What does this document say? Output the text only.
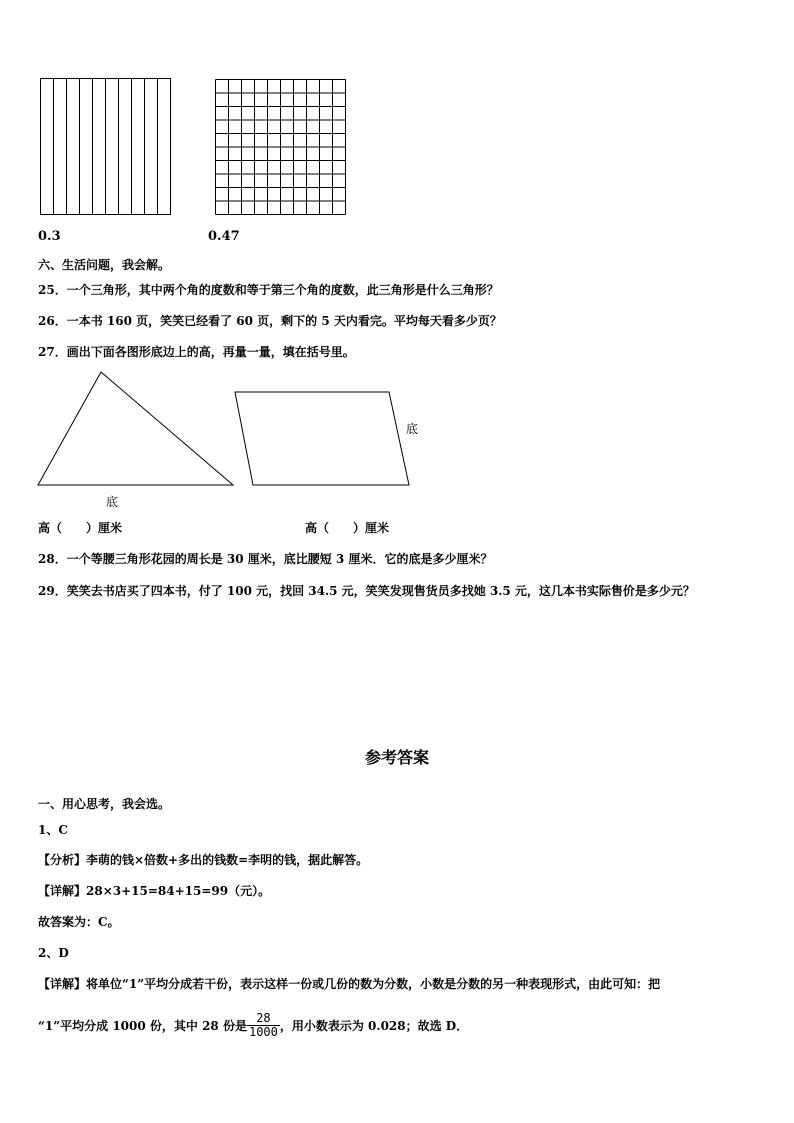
0.3	0.47
六、生活问题，我会解。
25．一个三角形，其中两个角的度数和等于第三个角的度数，此三角形是什么三角形？
26．一本书 160 页，笑笑已经看了 60 页，剩下的 5 天内看完。平均每天看多少页？
27．画出下面各图形底边上的高，再量一量，填在括号里。
底
底
高（　　）厘米	高（　　）厘米
28．一个等腰三角形花园的周长是 30 厘米，底比腰短 3 厘米．它的底是多少厘米？
29．笑笑去书店买了四本书，付了 100 元，找回 34.5 元，笑笑发现售货员多找她 3.5 元，这几本书实际售价是多少元？
参考答案
一、用心思考，我会选。
1、C
【分析】李萌的钱×倍数+多出的钱数=李明的钱，据此解答。
【详解】28×3+15=84+15=99（元）。
故答案为：C。
2、D
【详解】将单位“1”平均分成若干份，表示这样一份或几份的数为分数，小数是分数的另一种表现形式，由此可知：把
“1”平均分成 1000 份，其中 28 份是 $\frac{28}{1000}$ ，用小数表示为 0.028；故选 D．
